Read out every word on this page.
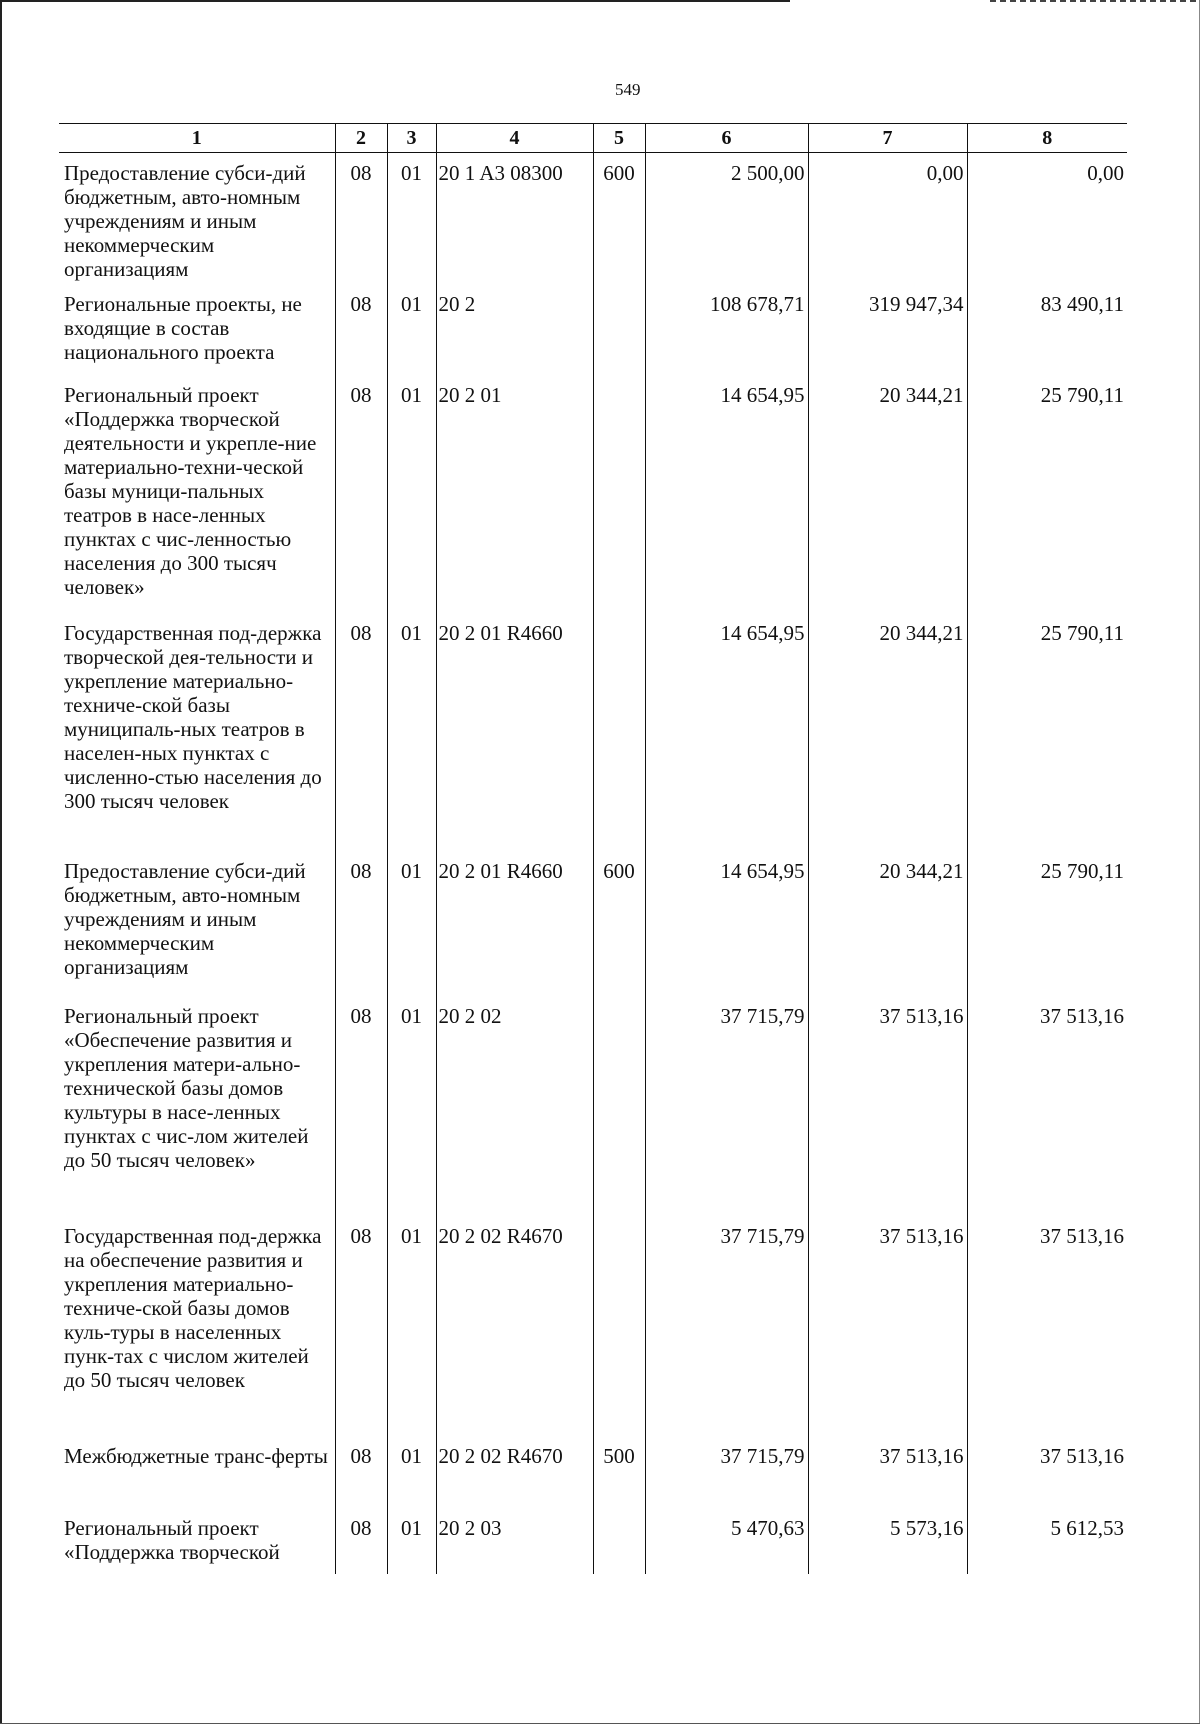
549
1	2	3	4	5	6	7	8
Предоставление субси-дий бюджетным, авто-номным учреждениям и иным некоммерческим организациям	08	01	20 1 A3 08300	600	2 500,00	0,00	0,00
Региональные проекты, не входящие в состав национального проекта	08	01	20 2		108 678,71	319 947,34	83 490,11
Региональный проект «Поддержка творческой деятельности и укрепле-ние материально-техни-ческой базы муници-пальных театров в насе-ленных пунктах с чис-ленностью населения до 300 тысяч человек»	08	01	20 2 01		14 654,95	20 344,21	25 790,11
Государственная под-держка творческой дея-тельности и укрепление материально-техниче-ской базы муниципаль-ных театров в населен-ных пунктах с численно-стью населения до 300 тысяч человек	08	01	20 2 01 R4660		14 654,95	20 344,21	25 790,11
Предоставление субси-дий бюджетным, авто-номным учреждениям и иным некоммерческим организациям	08	01	20 2 01 R4660	600	14 654,95	20 344,21	25 790,11
Региональный проект «Обеспечение развития и укрепления матери-ально-технической базы домов культуры в насе-ленных пунктах с чис-лом жителей до 50 тысяч человек»	08	01	20 2 02		37 715,79	37 513,16	37 513,16
Государственная под-держка на обеспечение развития и укрепления материально-техниче-ской базы домов куль-туры в населенных пунк-тах с числом жителей до 50 тысяч человек	08	01	20 2 02 R4670		37 715,79	37 513,16	37 513,16
Межбюджетные транс-ферты	08	01	20 2 02 R4670	500	37 715,79	37 513,16	37 513,16
Региональный проект «Поддержка творческой	08	01	20 2 03		5 470,63	5 573,16	5 612,53
